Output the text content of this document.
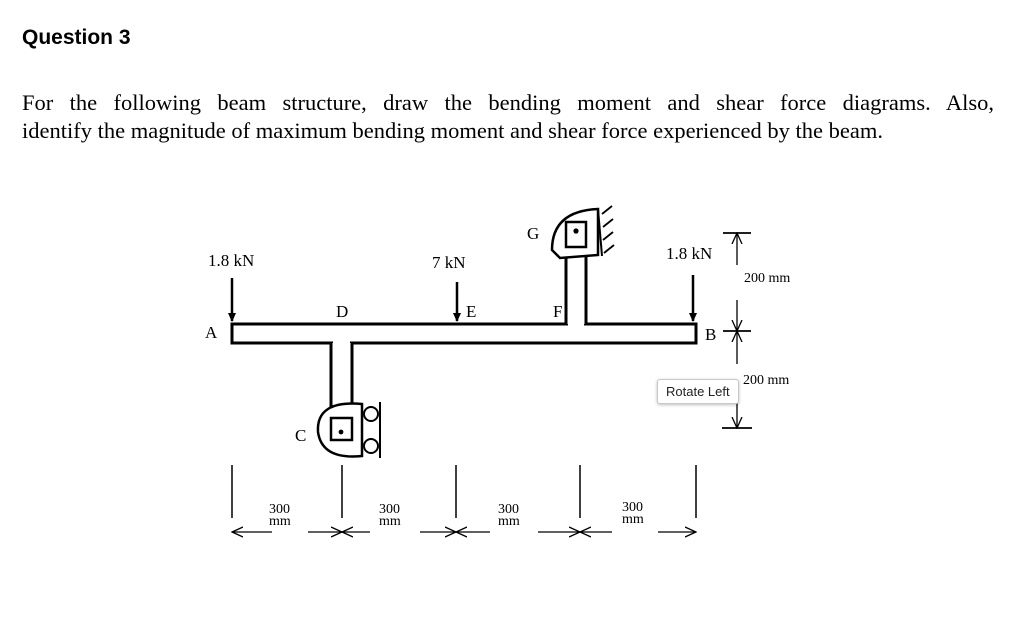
Question 3
For the following beam structure, draw the bending moment and shear force diagrams. Also,
identify the magnitude of maximum bending moment and shear force experienced by the beam.
1.8 kN	7 kN	1.8 kN
A	B
C
D	E	F
G
300
mm
300
mm
300
mm
300
mm
200 mm
200 mm
Rotate Left
